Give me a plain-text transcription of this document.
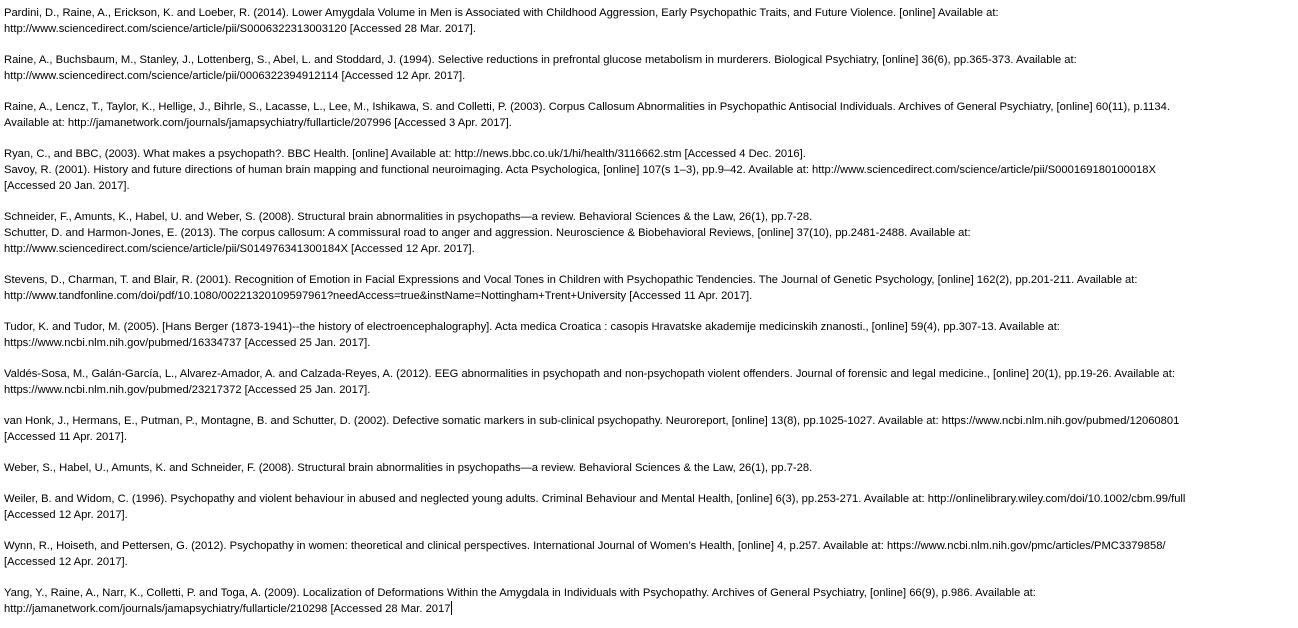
Pardini, D., Raine, A., Erickson, K. and Loeber, R. (2014). Lower Amygdala Volume in Men is Associated with Childhood Aggression, Early Psychopathic Traits, and Future Violence. [online] Available at:
http://www.sciencedirect.com/science/article/pii/S0006322313003120 [Accessed 28 Mar. 2017].
Raine, A., Buchsbaum, M., Stanley, J., Lottenberg, S., Abel, L. and Stoddard, J. (1994). Selective reductions in prefrontal glucose metabolism in murderers. Biological Psychiatry, [online] 36(6), pp.365-373. Available at:
http://www.sciencedirect.com/science/article/pii/0006322394912114 [Accessed 12 Apr. 2017].
Raine, A., Lencz, T., Taylor, K., Hellige, J., Bihrle, S., Lacasse, L., Lee, M., Ishikawa, S. and Colletti, P. (2003). Corpus Callosum Abnormalities in Psychopathic Antisocial Individuals. Archives of General Psychiatry, [online] 60(11), p.1134.
Available at: http://jamanetwork.com/journals/jamapsychiatry/fullarticle/207996 [Accessed 3 Apr. 2017].
Ryan, C., and BBC, (2003). What makes a psychopath?. BBC Health. [online] Available at: http://news.bbc.co.uk/1/hi/health/3116662.stm [Accessed 4 Dec. 2016].
Savoy, R. (2001). History and future directions of human brain mapping and functional neuroimaging. Acta Psychologica, [online] 107(s 1–3), pp.9–42. Available at: http://www.sciencedirect.com/science/article/pii/S000169180100018X
[Accessed 20 Jan. 2017].
Schneider, F., Amunts, K., Habel, U. and Weber, S. (2008). Structural brain abnormalities in psychopaths—a review. Behavioral Sciences & the Law, 26(1), pp.7-28.
Schutter, D. and Harmon-Jones, E. (2013). The corpus callosum: A commissural road to anger and aggression. Neuroscience & Biobehavioral Reviews, [online] 37(10), pp.2481-2488. Available at:
http://www.sciencedirect.com/science/article/pii/S014976341300184X [Accessed 12 Apr. 2017].
Stevens, D., Charman, T. and Blair, R. (2001). Recognition of Emotion in Facial Expressions and Vocal Tones in Children with Psychopathic Tendencies. The Journal of Genetic Psychology, [online] 162(2), pp.201-211. Available at:
http://www.tandfonline.com/doi/pdf/10.1080/00221320109597961?needAccess=true&instName=Nottingham+Trent+University [Accessed 11 Apr. 2017].
Tudor, K. and Tudor, M. (2005). [Hans Berger (1873-1941)--the history of electroencephalography]. Acta medica Croatica : casopis Hravatske akademije medicinskih znanosti., [online] 59(4), pp.307-13. Available at:
https://www.ncbi.nlm.nih.gov/pubmed/16334737 [Accessed 25 Jan. 2017].
Valdés-Sosa, M., Galán-García, L., Alvarez-Amador, A. and Calzada-Reyes, A. (2012). EEG abnormalities in psychopath and non-psychopath violent offenders. Journal of forensic and legal medicine., [online] 20(1), pp.19-26. Available at:
https://www.ncbi.nlm.nih.gov/pubmed/23217372 [Accessed 25 Jan. 2017].
van Honk, J., Hermans, E., Putman, P., Montagne, B. and Schutter, D. (2002). Defective somatic markers in sub-clinical psychopathy. Neuroreport, [online] 13(8), pp.1025-1027. Available at: https://www.ncbi.nlm.nih.gov/pubmed/12060801
[Accessed 11 Apr. 2017].
Weber, S., Habel, U., Amunts, K. and Schneider, F. (2008). Structural brain abnormalities in psychopaths—a review. Behavioral Sciences & the Law, 26(1), pp.7-28.
Weiler, B. and Widom, C. (1996). Psychopathy and violent behaviour in abused and neglected young adults. Criminal Behaviour and Mental Health, [online] 6(3), pp.253-271. Available at: http://onlinelibrary.wiley.com/doi/10.1002/cbm.99/full
[Accessed 12 Apr. 2017].
Wynn, R., Hoiseth, and Pettersen, G. (2012). Psychopathy in women: theoretical and clinical perspectives. International Journal of Women’s Health, [online] 4, p.257. Available at: https://www.ncbi.nlm.nih.gov/pmc/articles/PMC3379858/
[Accessed 12 Apr. 2017].
Yang, Y., Raine, A., Narr, K., Colletti, P. and Toga, A. (2009). Localization of Deformations Within the Amygdala in Individuals with Psychopathy. Archives of General Psychiatry, [online] 66(9), p.986. Available at:
http://jamanetwork.com/journals/jamapsychiatry/fullarticle/210298 [Accessed 28 Mar. 2017
